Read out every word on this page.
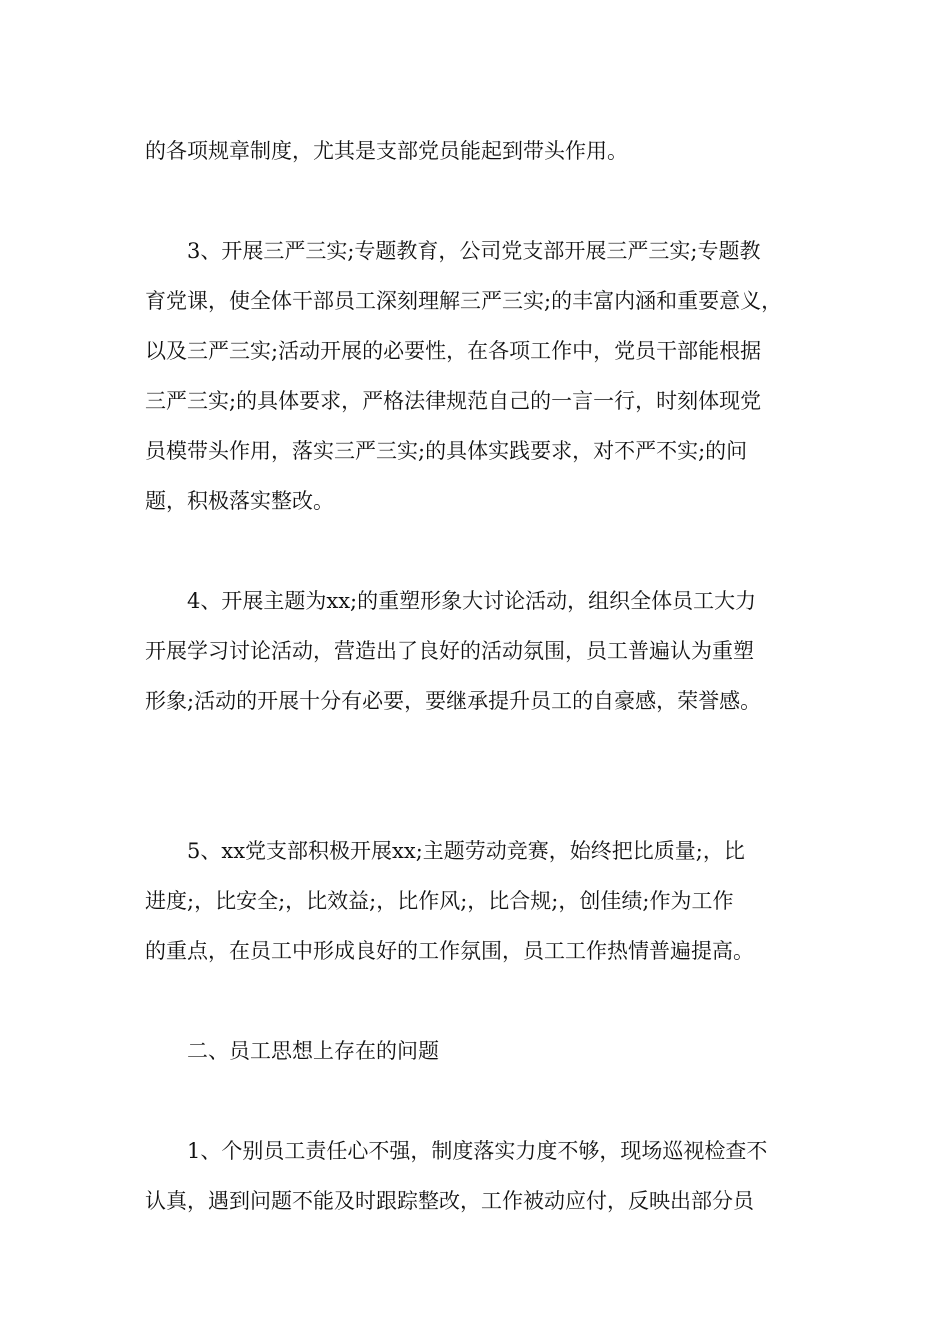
的各项规章制度，尤其是支部党员能起到带头作用。
　　3、开展三严三实;专题教育，公司党支部开展三严三实;专题教
育党课，使全体干部员工深刻理解三严三实;的丰富内涵和重要意义，
以及三严三实;活动开展的必要性，在各项工作中，党员干部能根据
三严三实;的具体要求，严格法律规范自己的一言一行，时刻体现党
员模带头作用，落实三严三实;的具体实践要求，对不严不实;的问
题，积极落实整改。
　　4、开展主题为xx;的重塑形象大讨论活动，组织全体员工大力
开展学习讨论活动，营造出了良好的活动氛围，员工普遍认为重塑
形象;活动的开展十分有必要，要继承提升员工的自豪感，荣誉感。
　　5、xx党支部积极开展xx;主题劳动竞赛，始终把比质量;，比
进度;，比安全;，比效益;，比作风;，比合规;，创佳绩;作为工作
的重点，在员工中形成良好的工作氛围，员工工作热情普遍提高。
　　二、员工思想上存在的问题
　　1、个别员工责任心不强，制度落实力度不够，现场巡视检查不
认真，遇到问题不能及时跟踪整改，工作被动应付，反映出部分员
